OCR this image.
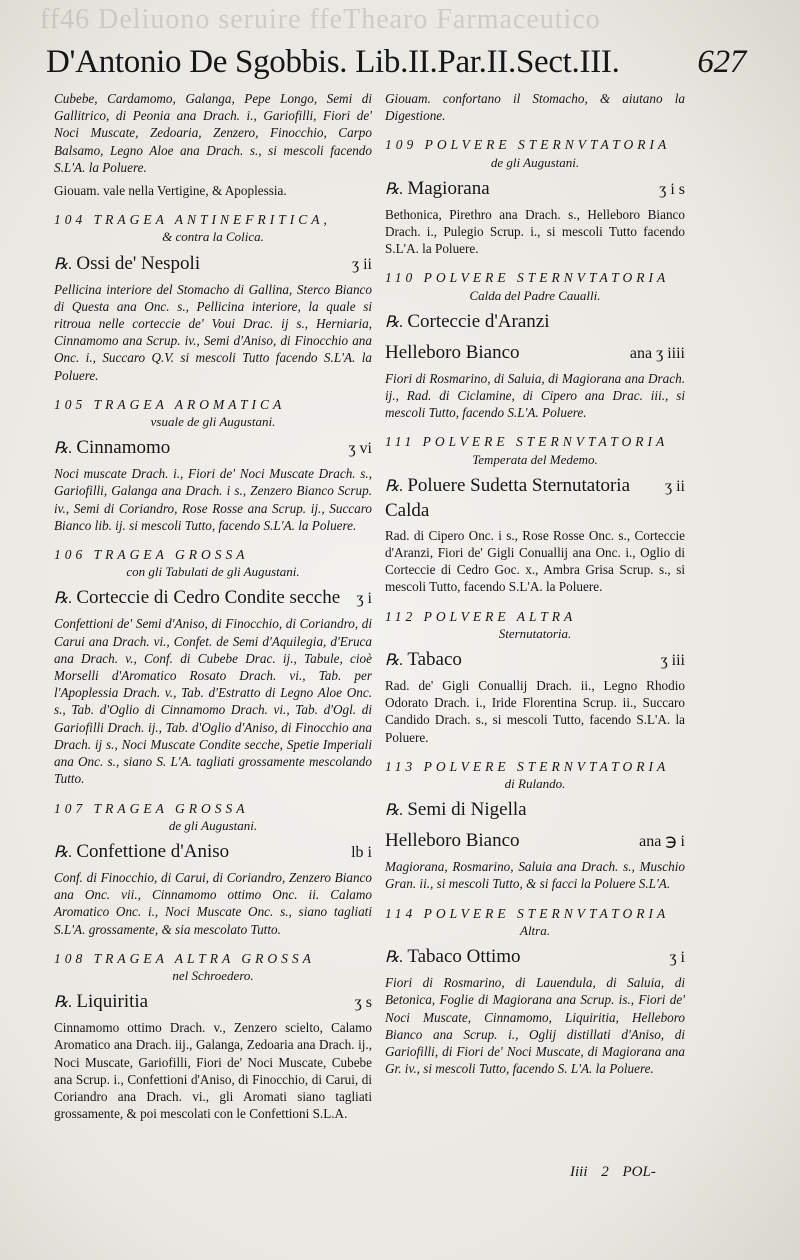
ff46 Deliuono seruire ffeThearo Farmaceutico
D'Antonio De Sgobbis. Lib.II.Par.II.Sect.III. 627

Cubebe, Cardamomo, Galanga, Pepe Longo, Semi di Gallitrico, di Peonia ana Drach. i., Gariofilli, Fiori de' Noci Muscate, Zedoaria, Zenzero, Finocchio, Carpo Balsamo, Legno Aloe ana Drach. s., si mescoli facendo S.L'A. la Poluere.

Giouam. vale nella Vertigine, & Apoplessia.

104 TRAGEA ANTINEFRITICA,
& contra la Colica.
℞. Ossi de' Nespoli	ʒ ii

Pellicina interiore del Stomacho di Gallina, Sterco Bianco di Questa ana Onc. s., Pellicina interiore, la quale si ritroua nelle corteccie de' Voui Drac. ij s., Herniaria, Cinnamomo ana Scrup. iv., Semi d'Aniso, di Finocchio ana Onc. i., Succaro Q.V. si mescoli Tutto facendo S.L'A. la Poluere.

105 TRAGEA AROMATICA
vsuale de gli Augustani.
℞. Cinnamomo	ʒ vi

Noci muscate Drach. i., Fiori de' Noci Muscate Drach. s., Gariofilli, Galanga ana Drach. i s., Zenzero Bianco Scrup. iv., Semi di Coriandro, Rose Rosse ana Scrup. ij., Succaro Bianco lib. ij. si mescoli Tutto, facendo S.L'A. la Poluere.

106 TRAGEA GROSSA
con gli Tabulati de gli Augustani.
℞. Corteccie di Cedro Condite secche ʒ i

Confettioni de' Semi d'Aniso, di Finocchio, di Coriandro, di Carui ana Drach. vi., Confet. de Semi d'Aquilegia, d'Eruca ana Drach. v., Conf. di Cubebe Drac. ij., Tabule, cioè Morselli d'Aromatico Rosato Drach. vi., Tab. per l'Apoplessia Drach. v., Tab. d'Estratto di Legno Aloe Onc. s., Tab. d'Oglio di Cinnamomo Drach. vi., Tab. d'Ogl. di Gariofilli Drach. ij., Tab. d'Oglio d'Aniso, di Finocchio ana Drach. ij s., Noci Muscate Condite secche, Spetie Imperiali ana Onc. s., siano S. L'A. tagliati grossamente mescolando Tutto.

107 TRAGEA GROSSA
de gli Augustani.
℞. Confettione d'Aniso	lb i

Conf. di Finocchio, di Carui, di Coriandro, Zenzero Bianco ana Onc. vii., Cinnamomo ottimo Onc. ii. Calamo Aromatico Onc. i., Noci Muscate Onc. s., siano tagliati S.L'A. grossamente, & sia mescolato Tutto.

108 TRAGEA ALTRA GROSSA
nel Schroedero.
℞. Liquiritia	ʒ s

Cinnamomo ottimo Drach. v., Zenzero scielto, Calamo Aromatico ana Drach. iij., Galanga, Zedoaria ana Drach. ij., Noci Muscate, Gariofilli, Fiori de' Noci Muscate, Cubebe ana Scrup. i., Confettioni d'Aniso, di Finocchio, di Carui, di Coriandro ana Drach. vi., gli Aromati siano tagliati grossamente, & poi mescolati con le Confettioni S.L.A.

Giouam. confortano il Stomacho, & aiutano la Digestione.

109 POLVERE STERNVTATORIA
de gli Augustani.
℞. Magiorana	ʒ i s

Bethonica, Pirethro ana Drach. s., Helleboro Bianco Drach. i., Pulegio Scrup. i., si mescoli Tutto facendo S.L'A. la Poluere.

110 POLVERE STERNVTATORIA
Calda del Padre Caualli.
℞. Corteccie d'Aranzi
Helleboro Bianco	ana ʒ iiii

Fiori di Rosmarino, di Saluia, di Magiorana ana Drach. ij., Rad. di Ciclamine, di Cipero ana Drac. iii., si mescoli Tutto, facendo S.L'A. Poluere.

111 POLVERE STERNVTATORIA
Temperata del Medemo.
℞. Poluere Sudetta Sternutatoria Calda
ʒ ii

Rad. di Cipero Onc. i s., Rose Rosse Onc. s., Corteccie d'Aranzi, Fiori de' Gigli Conuallij ana Onc. i., Oglio di Corteccie di Cedro Goc. x., Ambra Grisa Scrup. s., si mescoli Tutto, facendo S.L'A. la Poluere.

112 POLVERE ALTRA
Sternutatoria.
℞. Tabaco	ʒ iii

Rad. de' Gigli Conuallij Drach. ii., Legno Rhodio Odorato Drach. i., Iride Florentina Scrup. ii., Succaro Candido Drach. s., si mescoli Tutto, facendo S.L'A. la Poluere.

113 POLVERE STERNVTATORIA
di Rulando.
℞. Semi di Nigella
Helleboro Bianco	ana ℈ i

Magiorana, Rosmarino, Saluia ana Drach. s., Muschio Gran. ii., si mescoli Tutto, & si facci la Poluere S.L'A.

114 POLVERE STERNVTATORIA
Altra.
℞. Tabaco Ottimo	ʒ i

Fiori di Rosmarino, di Lauendula, di Saluia, di Betonica, Foglie di Magiorana ana Scrup. is., Fiori de' Noci Muscate, Cinnamomo, Liquiritia, Helleboro Bianco ana Scrup. i., Oglij distillati d'Aniso, di Gariofilli, di Fiori de' Noci Muscate, di Magiorana ana Gr. iv., si mescoli Tutto, facendo S. L'A. la Poluere.

Iiii 2 POL-
